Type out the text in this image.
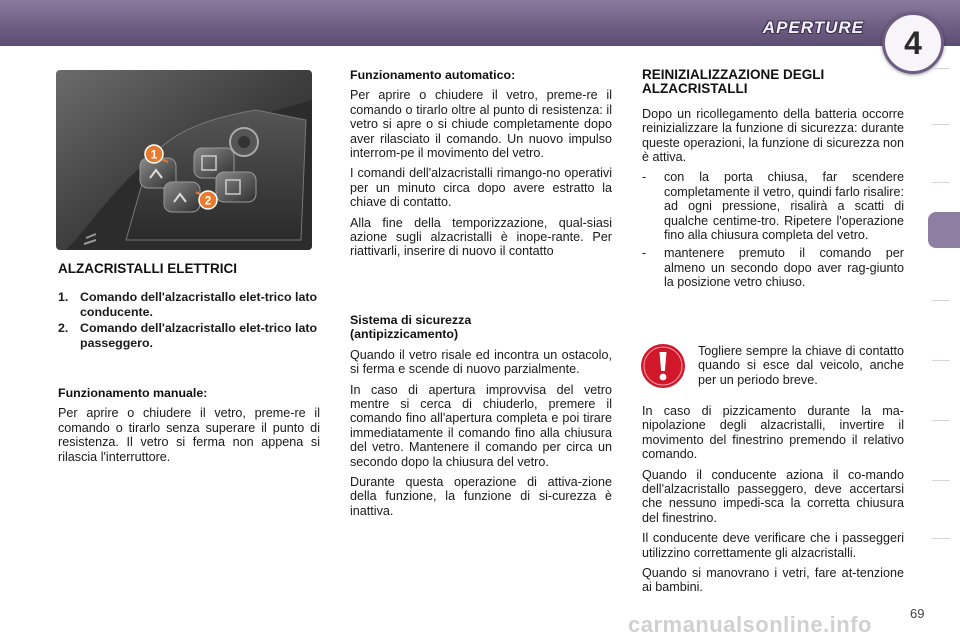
APERTURE 4
1
2
ALZACRISTALLI ELETTRICI
1. Comando dell'alzacristallo elet-trico lato conducente.
2. Comando dell'alzacristallo elet-trico lato passeggero.
Funzionamento manuale:

Per aprire o chiudere il vetro, preme-re il comando o tirarlo senza superare il punto di resistenza. Il vetro si ferma non appena si rilascia l'interruttore.

Funzionamento automatico:

Per aprire o chiudere il vetro, preme-re il comando o tirarlo oltre al punto di resistenza: il vetro si apre o si chiude completamente dopo aver rilasciato il comando. Un nuovo impulso interrom-pe il movimento del vetro.

I comandi dell'alzacristalli rimango-no operativi per un minuto circa dopo avere estratto la chiave di contatto.

Alla fine della temporizzazione, qual-siasi azione sugli alzacristalli è inope-rante. Per riattivarli, inserire di nuovo il contatto

Sistema di sicurezza (antipizzicamento)

Quando il vetro risale ed incontra un ostacolo, si ferma e scende di nuovo parzialmente.

In caso di apertura improvvisa del vetro mentre si cerca di chiuderlo, premere il comando fino all'apertura completa e poi tirare immediatamente il comando fino alla chiusura del vetro. Mantenere il comando per circa un secondo dopo la chiusura del vetro.

Durante questa operazione di attiva-zione della funzione, la funzione di si-curezza è inattiva.

REINIZIALIZZAZIONE DEGLI ALZACRISTALLI

Dopo un ricollegamento della batteria occorre reinizializzare la funzione di sicurezza: durante queste operazioni, la funzione di sicurezza non è attiva.

-	con la porta chiusa, far scendere completamente il vetro, quindi farlo risalire: ad ogni pressione, risalirà a scatti di qualche centime-tro. Ripetere l'operazione fino alla chiusura completa del vetro.
-	mantenere premuto il comando per almeno un secondo dopo aver rag-giunto la posizione vetro chiuso.

Togliere sempre la chiave di contatto quando si esce dal veicolo, anche per un periodo breve.

In caso di pizzicamento durante la ma-nipolazione degli alzacristalli, invertire il movimento del finestrino premendo il relativo comando.

Quando il conducente aziona il co-mando dell'alzacristallo passeggero, deve accertarsi che nessuno impedi-sca la corretta chiusura del finestrino.

Il conducente deve verificare che i passeggeri utilizzino correttamente gli alzacristalli.

Quando si manovrano i vetri, fare at-tenzione ai bambini.

carmanualsonline.info	69
